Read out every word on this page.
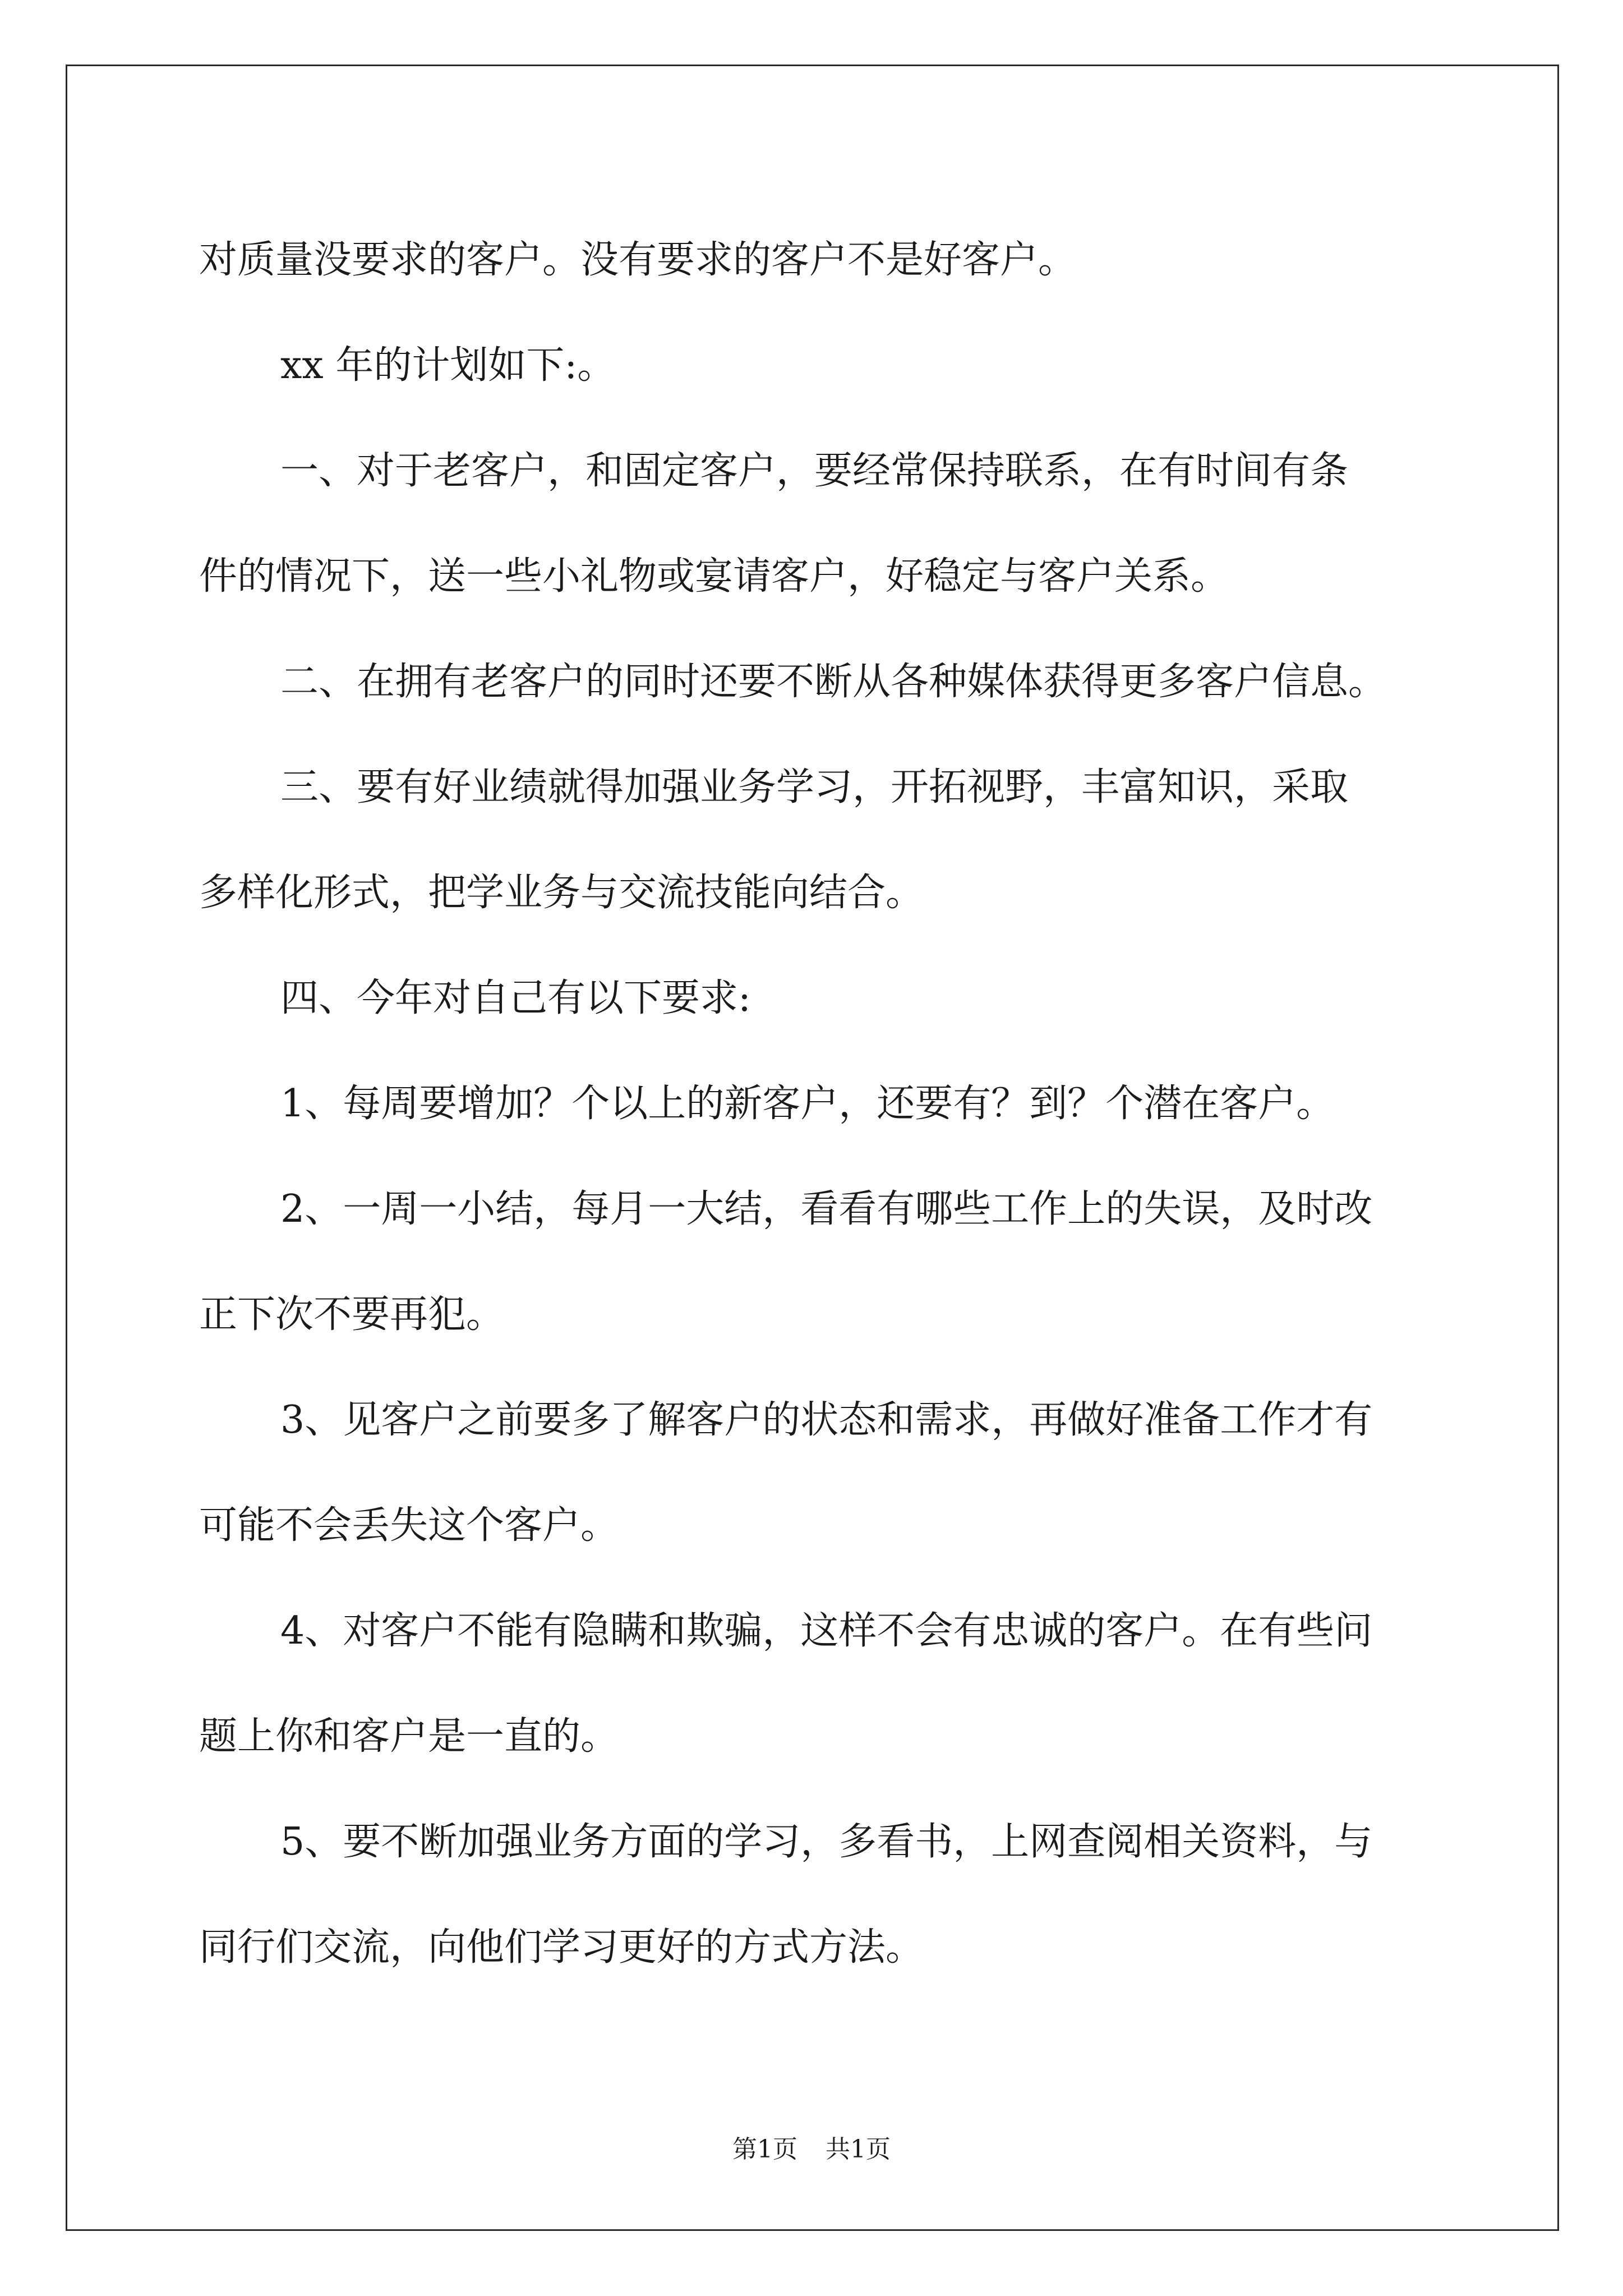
对质量没要求的客户。没有要求的客户不是好客户。
xx 年的计划如下:。
一、对于老客户，和固定客户，要经常保持联系，在有时间有条
件的情况下，送一些小礼物或宴请客户，好稳定与客户关系。
二、在拥有老客户的同时还要不断从各种媒体获得更多客户信息。
三、要有好业绩就得加强业务学习，开拓视野，丰富知识，采取
多样化形式，把学业务与交流技能向结合。
四、今年对自己有以下要求:
1、每周要增加？个以上的新客户，还要有？到？个潜在客户。
2、一周一小结，每月一大结，看看有哪些工作上的失误，及时改
正下次不要再犯。
3、见客户之前要多了解客户的状态和需求，再做好准备工作才有
可能不会丢失这个客户。
4、对客户不能有隐瞒和欺骗，这样不会有忠诚的客户。在有些问
题上你和客户是一直的。
5、要不断加强业务方面的学习，多看书，上网查阅相关资料，与
同行们交流，向他们学习更好的方式方法。
第1页 共1页
